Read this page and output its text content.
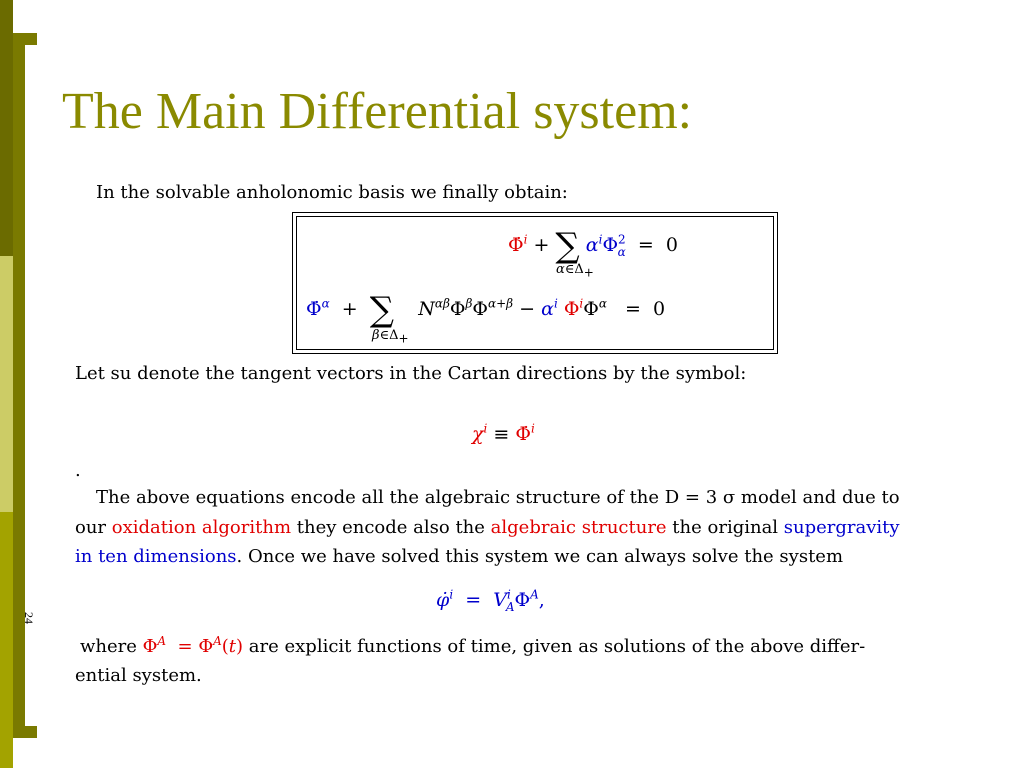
The Main Differential system:
24
In the solvable anholonomic basis we finally obtain:
Φ̇$^i$ + ∑ $\alpha^i\Phi^2_\alpha = 0$
$\alpha\in\Delta_+$
Φ̇$^\alpha$  +  ∑ $N^{\alpha\beta}\Phi^\beta\Phi^{\alpha+\beta} - \alpha^i$ $\Phi^i\Phi^\alpha = 0$
$\beta\in\Delta_+$
Let su denote the tangent vectors in the Cartan directions by the symbol:
$\chi^i$ ≡ Φ̇$^i$
.
The above equations encode all the algebraic structure of the D = 3 σ model and due to
our oxidation algorithm they encode also the algebraic structure the original supergravity
in ten dimensions. Once we have solved this system we can always solve the system
φ̇$^i$  =  $V^i_A\Phi^A$,
where $\Phi^A = \Phi^A(t)$ are explicit functions of time, given as solutions of the above differ-
ential system.
